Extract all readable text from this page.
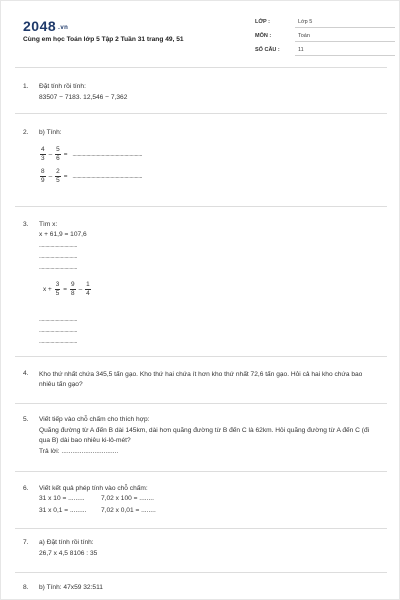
2048 $^{.vn}$
Cùng em học Toán lớp 5 Tập 2 Tuần 31 trang 49, 51
LỚP :	Lớp 5
MÔN :	Toán
SỐ CÂU :	11
1. Đặt tính rồi tính:
83507 − 7183. 12,546 − 7,362
2. b) Tính:
$\frac{4}{3} - \frac{5}{6}$ = .......................................................
$\frac{8}{9} - \frac{2}{5}$ = .......................................................
3. Tìm x:
x + 61,9 = 107,6
..............................
..............................
..............................
$x + \frac{3}{5} = \frac{9}{8} - \frac{1}{4}$
..............................
..............................
..............................
4. Kho thứ nhất chứa 345,5 tấn gạo. Kho thứ hai chứa ít hơn kho thứ nhất 72,6 tấn gạo. Hỏi cả hai kho chứa bao nhiêu tấn gạo?
5. Viết tiếp vào chỗ chấm cho thích hợp:
Quãng đường từ A đến B dài 145km, dài hơn quãng đường từ B đến C là 62km. Hỏi quãng đường từ A đến C (đi qua B) dài bao nhiêu ki-lô-mét?
Trả lời: ...............................
6. Viết kết quả phép tính vào chỗ chấm:
31 x 10 = ......... 7,02 x 100 = ........
31 x 0,1 = ......... 7,02 x 0,01 = ........
7. a) Đặt tính rồi tính:
26,7 x 4,5 8106 : 35
8. b) Tính: 47x59 32:511
